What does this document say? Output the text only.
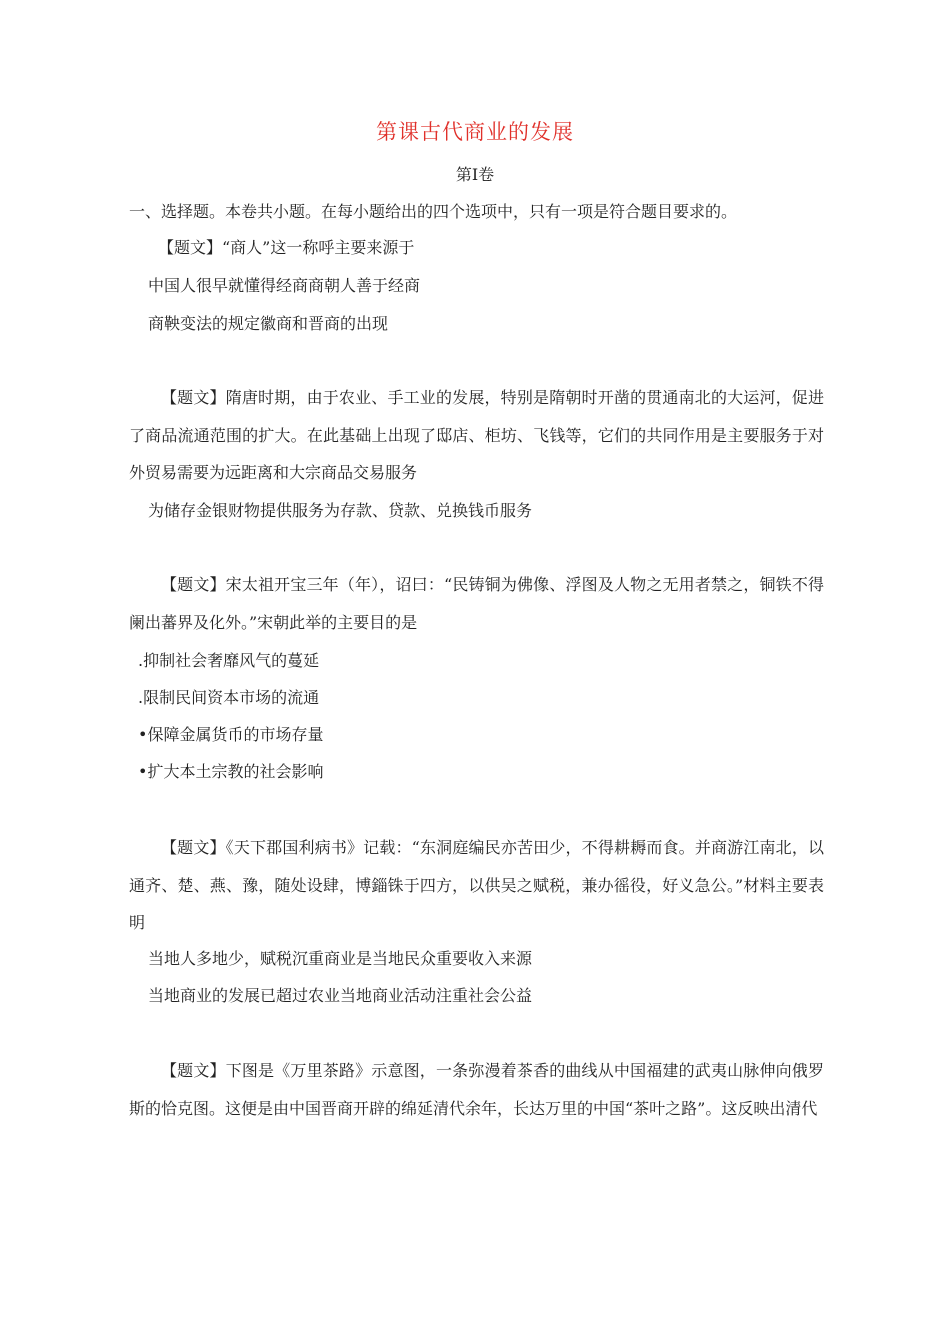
第课古代商业的发展
第Ⅰ卷
一、选择题。本卷共小题。在每小题给出的四个选项中，只有一项是符合题目要求的。
【题文】“商人”这一称呼主要来源于
中国人很早就懂得经商商朝人善于经商
商鞅变法的规定徽商和晋商的出现
【题文】隋唐时期，由于农业、手工业的发展，特别是隋朝时开凿的贯通南北的大运河，促进了商品流通范围的扩大。在此基础上出现了邸店、柜坊、飞钱等，它们的共同作用是主要服务于对外贸易需要为远距离和大宗商品交易服务
为储存金银财物提供服务为存款、贷款、兑换钱币服务
【题文】宋太祖开宝三年（年），诏曰：“民铸铜为佛像、浮图及人物之无用者禁之，铜铁不得阑出蕃界及化外。”宋朝此举的主要目的是
.抑制社会奢靡风气的蔓延
.限制民间资本市场的流通
•保障金属货币的市场存量
•扩大本土宗教的社会影响
【题文】《天下郡国利病书》记载：“东洞庭编民亦苦田少，不得耕耨而食。并商游江南北，以通齐、楚、燕、豫，随处设肆，博錙铢于四方，以供吴之赋税，兼办徭役，好义急公。”材料主要表明
当地人多地少，赋税沉重商业是当地民众重要收入来源
当地商业的发展已超过农业当地商业活动注重社会公益
【题文】下图是《万里茶路》示意图，一条弥漫着茶香的曲线从中国福建的武夷山脉伸向俄罗斯的恰克图。这便是由中国晋商开辟的绵延清代余年，长达万里的中国“茶叶之路”。这反映出清代
